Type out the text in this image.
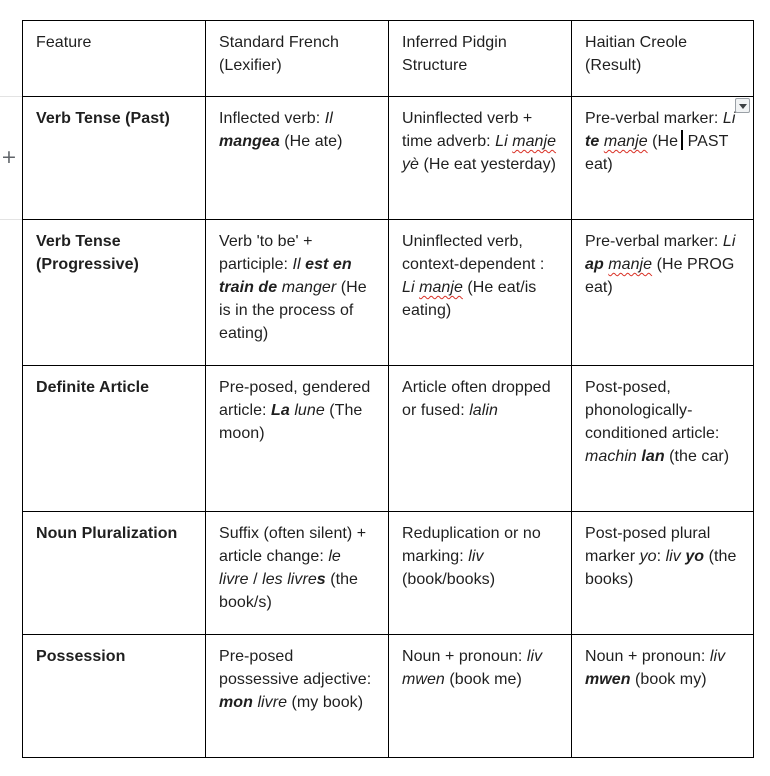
+
Feature	Standard French (Lexifier)	Inferred Pidgin Structure	Haitian Creole (Result)
Verb Tense (Past)	Inflected verb: Il mangea (He ate)	Uninflected verb + time adverb: Li manje yè (He eat yesterday)	Pre-verbal marker: Li te manje (He PAST eat)

Verb Tense (Progressive)	Verb 'to be' + participle: Il est en train de manger (He is in the process of eating)	Uninflected verb, context-dependent : Li manje (He eat/is eating)	Pre-verbal marker: Li ap manje (He PROG eat)
Definite Article	Pre-posed, gendered article: La lune (The moon)	Article often dropped or fused: lalin	Post-posed, phonologically-conditioned article: machin lan (the car)
Noun Pluralization	Suffix (often silent) + article change: le livre / les livres (the book/s)	Reduplication or no marking: liv (book/books)	Post-posed plural marker yo: liv yo (the books)
Possession	Pre-posed possessive adjective: mon livre (my book)	Noun + pronoun: liv mwen (book me)	Noun + pronoun: liv mwen (book my)
